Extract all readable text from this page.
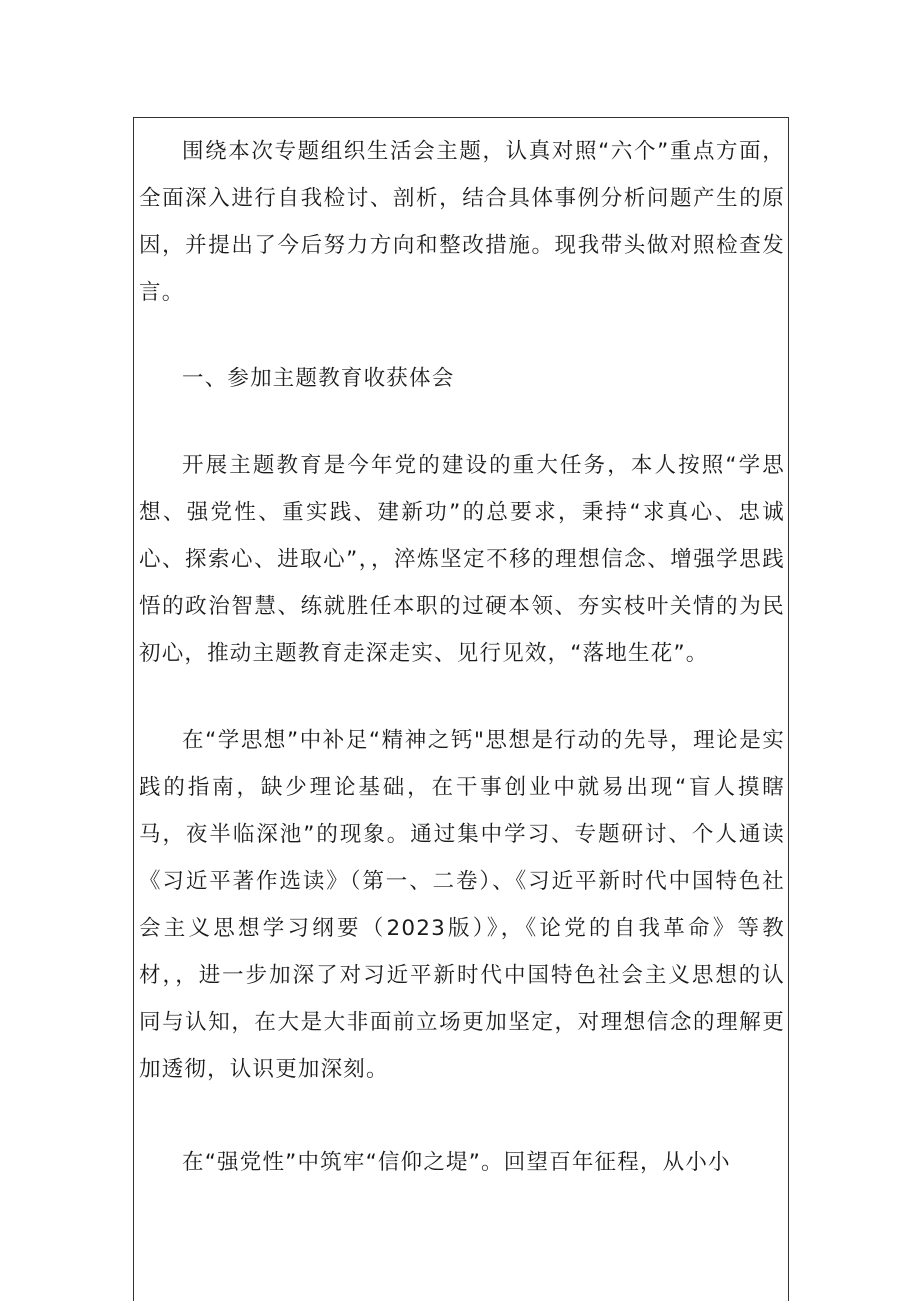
围绕本次专题组织生活会主题，认真对照“六个”重点方面，全面深入进行自我检讨、剖析，结合具体事例分析问题产生的原因，并提出了今后努力方向和整改措施。现我带头做对照检查发言。

一、参加主题教育收获体会

开展主题教育是今年党的建设的重大任务，本人按照“学思想、强党性、重实践、建新功”的总要求，秉持“求真心、忠诚心、探索心、进取心”，，淬炼坚定不移的理想信念、增强学思践悟的政治智慧、练就胜任本职的过硬本领、夯实枝叶关情的为民初心，推动主题教育走深走实、见行见效，“落地生花”。

在“学思想”中补足“精神之钙"思想是行动的先导，理论是实践的指南，缺少理论基础，在干事创业中就易出现“盲人摸瞎马，夜半临深池”的现象。通过集中学习、专题研讨、个人通读《习近平著作选读》（第一、二卷）、《习近平新时代中国特色社会主义思想学习纲要（2023版）》，《论党的自我革命》等教材，，进一步加深了对习近平新时代中国特色社会主义思想的认同与认知，在大是大非面前立场更加坚定，对理想信念的理解更加透彻，认识更加深刻。

在“强党性”中筑牢“信仰之堤”。回望百年征程，从小小
